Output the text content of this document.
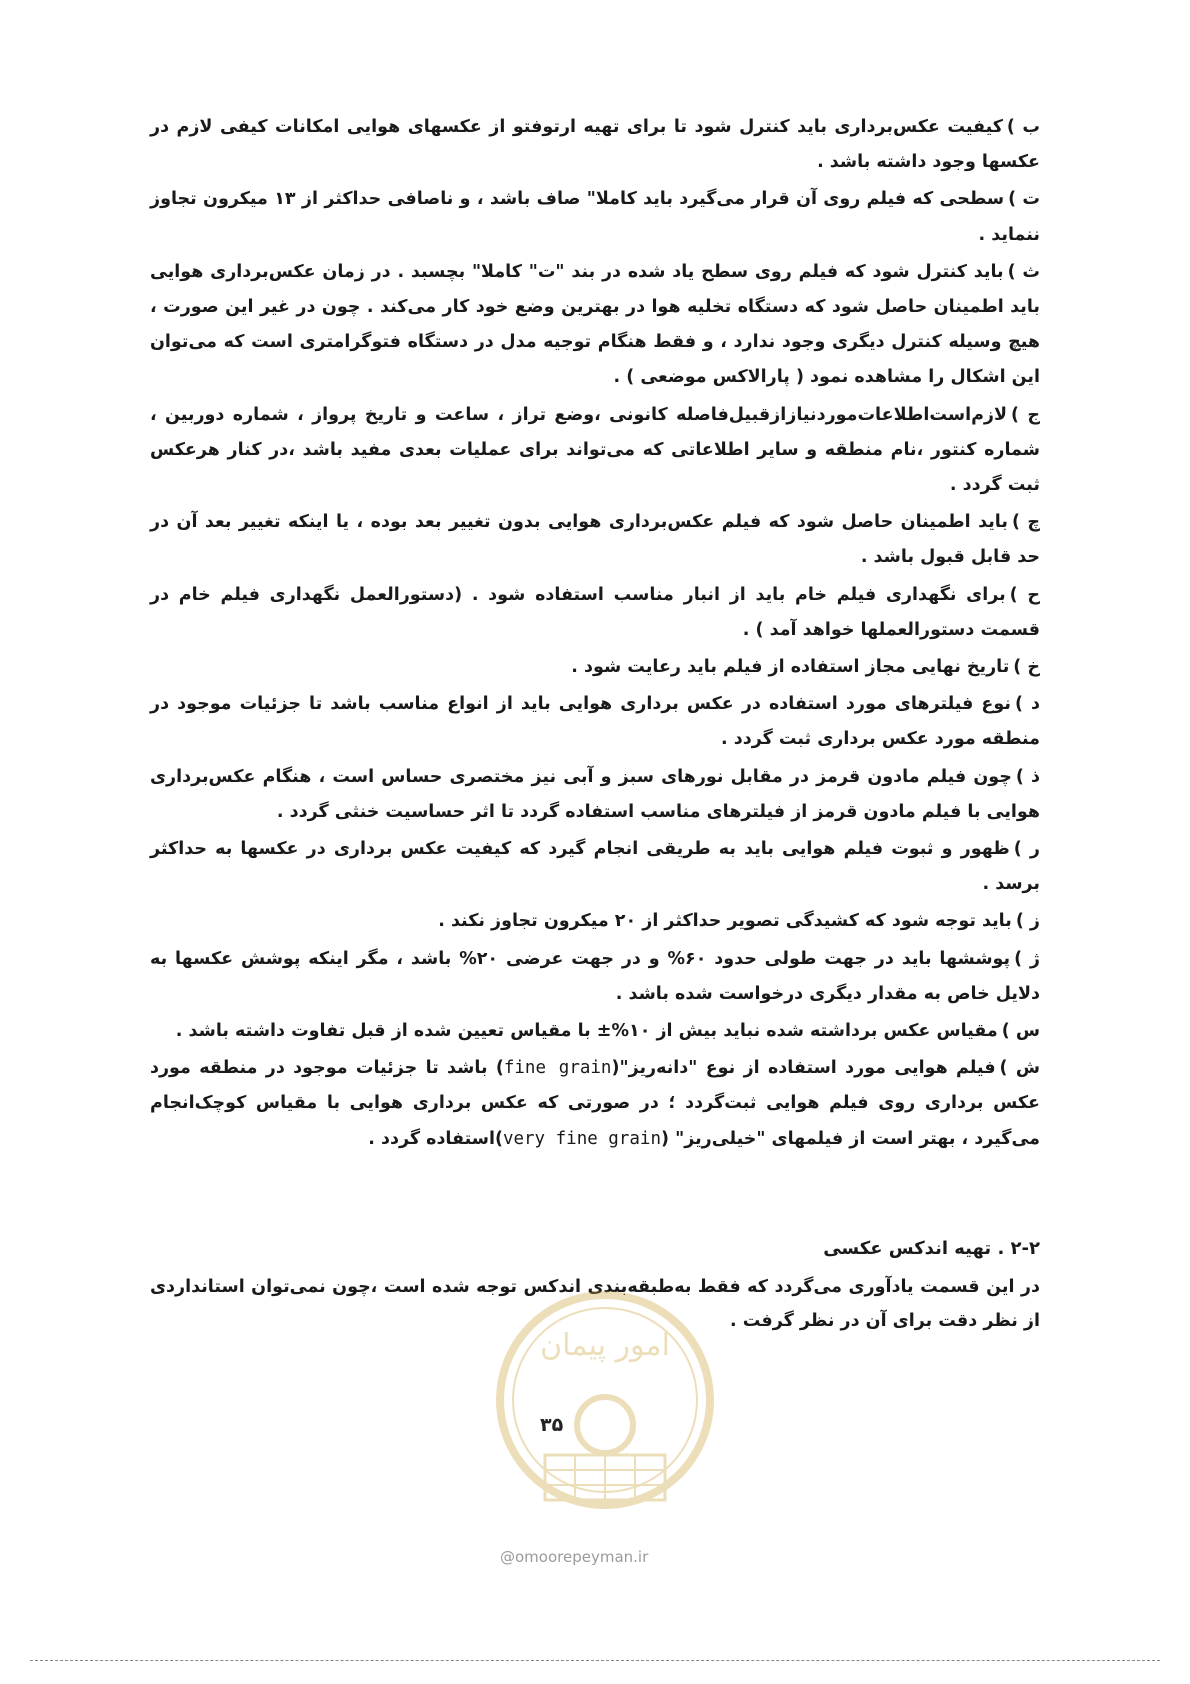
ب )کیفیت عکس‌برداری باید کنترل شود تا برای تهیه ارتوفتو از عکسهای هوایی امکانات کیفی لازم در عکسها وجود داشته باشد .

ت )سطحی که فیلم روی آن قرار می‌گیرد باید کاملا" صاف باشد ، و ناصافی حداکثر از ۱۳ میکرون تجاوز ننماید .

ث )باید کنترل شود که فیلم روی سطح یاد شده در بند "ت" کاملا" بچسبد . در زمان عکس‌برداری هوایی باید اطمینان حاصل شود که دستگاه تخلیه هوا در بهترین وضع خود کار می‌کند . چون در غیر این صورت ، هیچ وسیله کنترل دیگری وجود ندارد ، و فقط هنگام توجیه مدل در دستگاه فتوگرامتری است که می‌توان این اشکال را مشاهده نمود ( پارالاکس موضعی ) .

ج )لازم‌است‌اطلاعات‌موردنیازازقبیل‌فاصله کانونی ،وضع تراز ، ساعت و تاریخ پرواز ، شماره دوربین ، شماره کنتور ،نام منطقه و سایر اطلاعاتی که می‌تواند برای عملیات بعدی مفید باشد ،در کنار هرعکس ثبت گردد .

چ )باید اطمینان حاصل شود که فیلم عکس‌برداری هوایی بدون تغییر بعد بوده ، یا اینکه تغییر بعد آن در حد قابل قبول باشد .

ح )برای نگهداری فیلم خام باید از انبار مناسب استفاده شود . (دستورالعمل نگهداری فیلم خام در قسمت دستورالعملها خواهد آمد ) .

خ )تاریخ نهایی مجاز استفاده از فیلم باید رعایت شود .

د )نوع فیلترهای مورد استفاده در عکس برداری هوایی باید از انواع مناسب باشد تا جزئیات موجود در منطقه مورد عکس برداری ثبت گردد .

ذ )چون فیلم مادون قرمز در مقابل نورهای سبز و آبی نیز مختصری حساس است ، هنگام عکس‌برداری هوایی با فیلم مادون قرمز از فیلترهای مناسب استفاده گردد تا اثر حساسیت خنثی گردد .

ر )ظهور و ثبوت فیلم هوایی باید به طریقی انجام گیرد که کیفیت عکس برداری در عکسها به حداکثر برسد .

ز )باید توجه شود که کشیدگی تصویر حداکثر از ۲۰ میکرون تجاوز نکند .

ژ )پوششها باید در جهت طولی حدود ۶۰% و در جهت عرضی ۲۰% باشد ، مگر اینکه پوشش عکسها به دلایل خاص به مقدار دیگری درخواست شده باشد .

س )مقیاس عکس برداشته شده نباید بیش از ۱۰%± با مقیاس تعیین شده از قبل تفاوت داشته باشد .

ش )فیلم هوایی مورد استفاده از نوع "دانه‌ریز"(fine grain) باشد تا جزئیات موجود در منطقه مورد عکس برداری روی فیلم هوایی ثبت‌گردد ؛ در صورتی که عکس برداری هوایی با مقیاس کوچک‌انجام می‌گیرد ، بهتر است از فیلمهای "خیلی‌ریز" (very fine grain)استفاده گردد .

۲-۲ . تهیه اندکس عکسی
در این قسمت یادآوری می‌گردد که فقط به‌طبقه‌بندی اندکس توجه شده است ،چون نمی‌توان استانداردی از نظر دقت برای آن در نظر گرفت .
امور پیمان
۳۵
@omoorepeyman.ir
